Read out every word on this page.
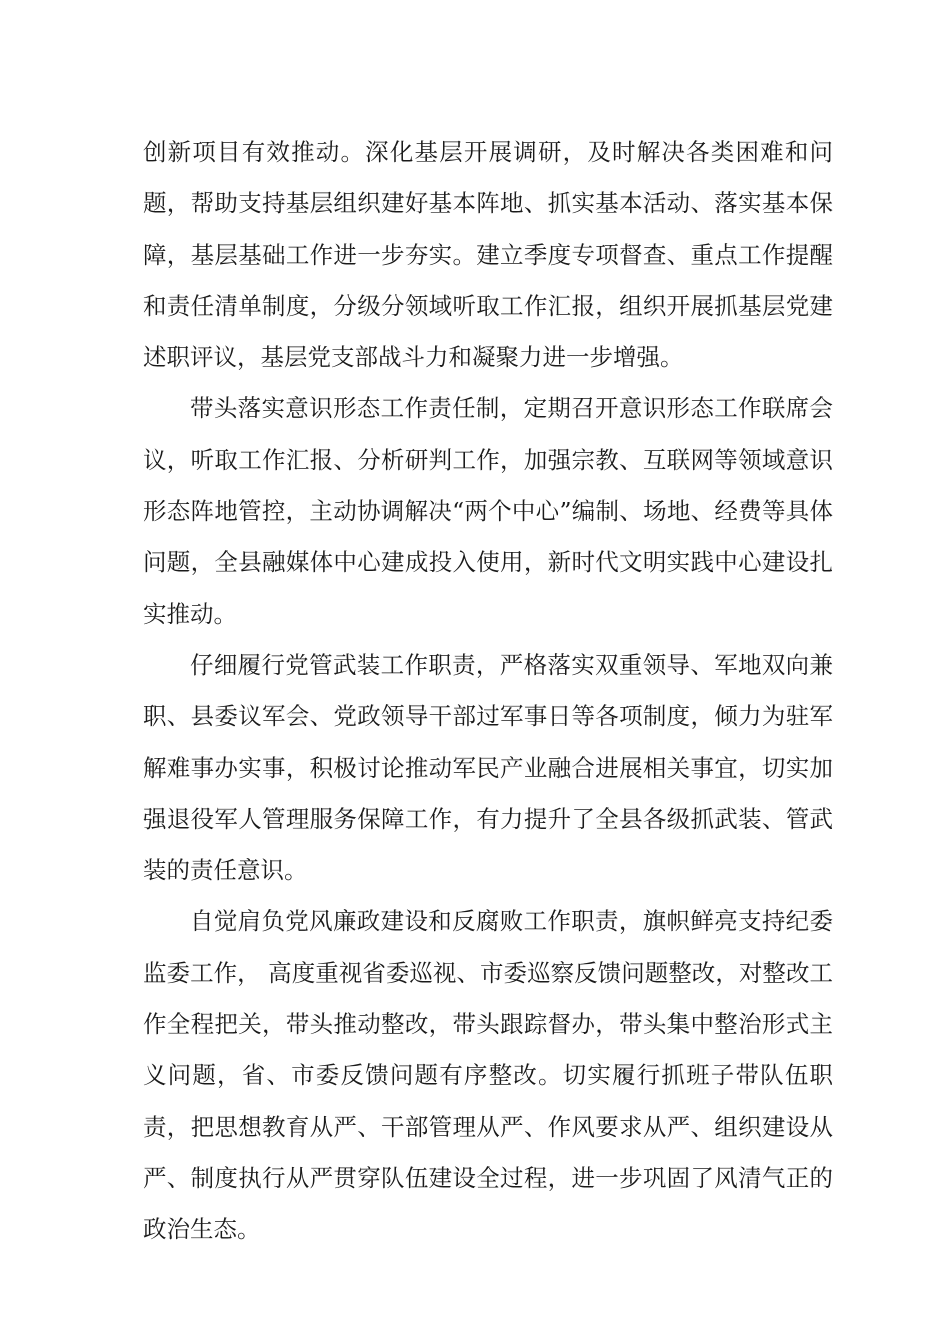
创新项目有效推动。深化基层开展调研，及时解决各类困难和问题，帮助支持基层组织建好基本阵地、抓实基本活动、落实基本保障，基层基础工作进一步夯实。建立季度专项督查、重点工作提醒和责任清单制度，分级分领域听取工作汇报，组织开展抓基层党建述职评议，基层党支部战斗力和凝聚力进一步增强。

带头落实意识形态工作责任制，定期召开意识形态工作联席会议，听取工作汇报、分析研判工作，加强宗教、互联网等领域意识形态阵地管控，主动协调解决“两个中心”编制、场地、经费等具体问题，全县融媒体中心建成投入使用，新时代文明实践中心建设扎实推动。

仔细履行党管武装工作职责，严格落实双重领导、军地双向兼职、县委议军会、党政领导干部过军事日等各项制度，倾力为驻军解难事办实事，积极讨论推动军民产业融合进展相关事宜，切实加强退役军人管理服务保障工作，有力提升了全县各级抓武装、管武装的责任意识。

自觉肩负党风廉政建设和反腐败工作职责，旗帜鲜亮支持纪委监委工作， 高度重视省委巡视、市委巡察反馈问题整改，对整改工作全程把关，带头推动整改，带头跟踪督办，带头集中整治形式主义问题，省、市委反馈问题有序整改。切实履行抓班子带队伍职责，把思想教育从严、干部管理从严、作风要求从严、组织建设从严、制度执行从严贯穿队伍建设全过程，进一步巩固了风清气正的政治生态。
